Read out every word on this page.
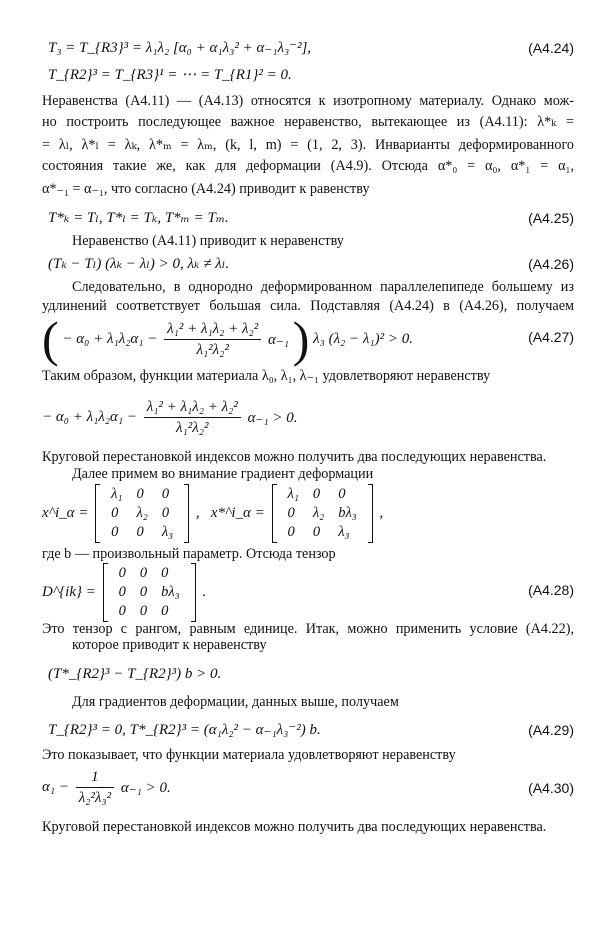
T₃ = T_{R3}³ = λ₁λ₂ [α₀ + α₁λ₃² + α₋₁λ₃⁻²],	(A4.24)
T_{R2}³ = T_{R3}¹ = ⋯ = T_{R1}² = 0.
Неравенства (A4.11) — (A4.13) относятся к изотропному материалу. Однако мож-
но построить последующее важное неравенство, вытекающее из (A4.11): λ*ₖ =
= λₗ, λ*ₗ = λₖ, λ*ₘ = λₘ, (k, l, m) = (1, 2, 3). Инварианты деформированного
состояния такие же, как для деформации (A4.9). Отсюда α*₀ = α₀, α*₁ = α₁,
α*₋₁ = α₋₁, что согласно (A4.24) приводит к равенству
T*ₖ = Tₗ, T*ₗ = Tₖ, T*ₘ = Tₘ.	(A4.25)
Неравенство (A4.11) приводит к неравенству
(Tₖ − Tₗ) (λₖ − λₗ) > 0, λₖ ≠ λₗ.	(A4.26)
Следовательно, в однородно деформированном параллелепипеде большему из
удлинений соответствует большая сила. Подставляя (A4.24) в (A4.26), получаем
( − $\alpha_0 + \lambda_1\lambda_2\alpha_1 - \frac{\text{λ₁² + λ₁λ₂ + λ₂²}}{\text{λ₁²λ₂²}} \alpha_{-1}$ ) λ₃ (λ₂ − λ₁)² > 0.	(A4.27)
Таким образом, функции материала λ₀, λ₁, λ₋₁ удовлетворяют неравенству
− $\alpha_0 + \lambda_1\lambda_2\alpha_1 - \frac{\text{λ₁² + λ₁λ₂ + λ₂²}}{\text{λ₁²λ₂²}} \alpha_{-1} > 0$.
Круговой перестановкой индексов можно получить два последующих неравенства.
Далее примем во внимание градиент деформации
x^i_α =
λ₁	0	0
0	λ₂	0
0	0	λ₃
, x*^i_α =
λ₁	0	0
0	λ₂	bλ₃
0	0	λ₃
,
где b — произвольный параметр. Отсюда тензор
D^{ik} =
0	0	0
0	0	bλ₃
0	0	0
.	(A4.28)
Это тензор с рангом, равным единице. Итак, можно применить условие (A4.22),
которое приводит к неравенству
(T*_{R2}³ − T_{R2}³) b > 0.
Для градиентов деформации, данных выше, получаем
T_{R2}³ = 0, T*_{R2}³ = (α₁λ₂² − α₋₁λ₃⁻²) b.	(A4.29)
Это показывает, что функции материала удовлетворяют неравенству
$\alpha_1 - \frac{1}{\text{λ₂²λ₃²}} \alpha_{-1} > 0$.	(A4.30)
Круговой перестановкой индексов можно получить два последующих неравенства.
